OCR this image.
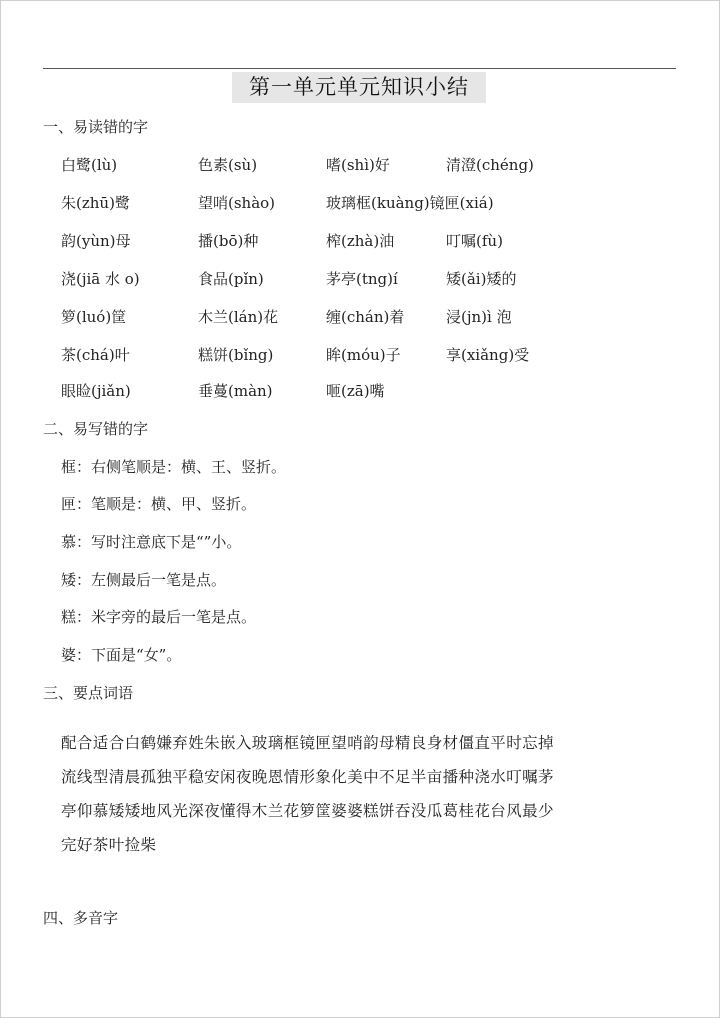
第一单元单元知识小结
一、易读错的字
白鹭(lù)	色素(sù)	嗜(shì)好	清澄(chéng)
朱(zhū)鹭	望哨(shào)	玻璃框(kuàng)镜匣(xiá)
韵(yùn)母	播(bō)种	榨(zhà)油	叮嘱(fù)
浇(jiā 水 o)	食品(pǐn)	茅亭(tng)í	矮(ǎi)矮的
箩(luó)筐	木兰(lán)花	缠(chán)着	浸(jn)ì 泡
茶(chá)叶	糕饼(bǐng)	眸(móu)子	享(xiǎng)受
眼睑(jiǎn)	垂蔓(màn)	咂(zā)嘴
二、易写错的字
框：右侧笔顺是：横、王、竖折。
匣：笔顺是：横、甲、竖折。
慕：写时注意底下是“”小。
矮：左侧最后一笔是点。
糕：米字旁的最后一笔是点。
婆：下面是“女”。
三、要点词语
配合适合白鹤嫌弃姓朱嵌入玻璃框镜匣望哨韵母精良身材僵直平时忘掉
流线型清晨孤独平稳安闲夜晚恩情形象化美中不足半亩播种浇水叮嘱茅
亭仰慕矮矮地风光深夜懂得木兰花箩筐婆婆糕饼吞没瓜葛桂花台风最少
完好茶叶捡柴
四、多音字
